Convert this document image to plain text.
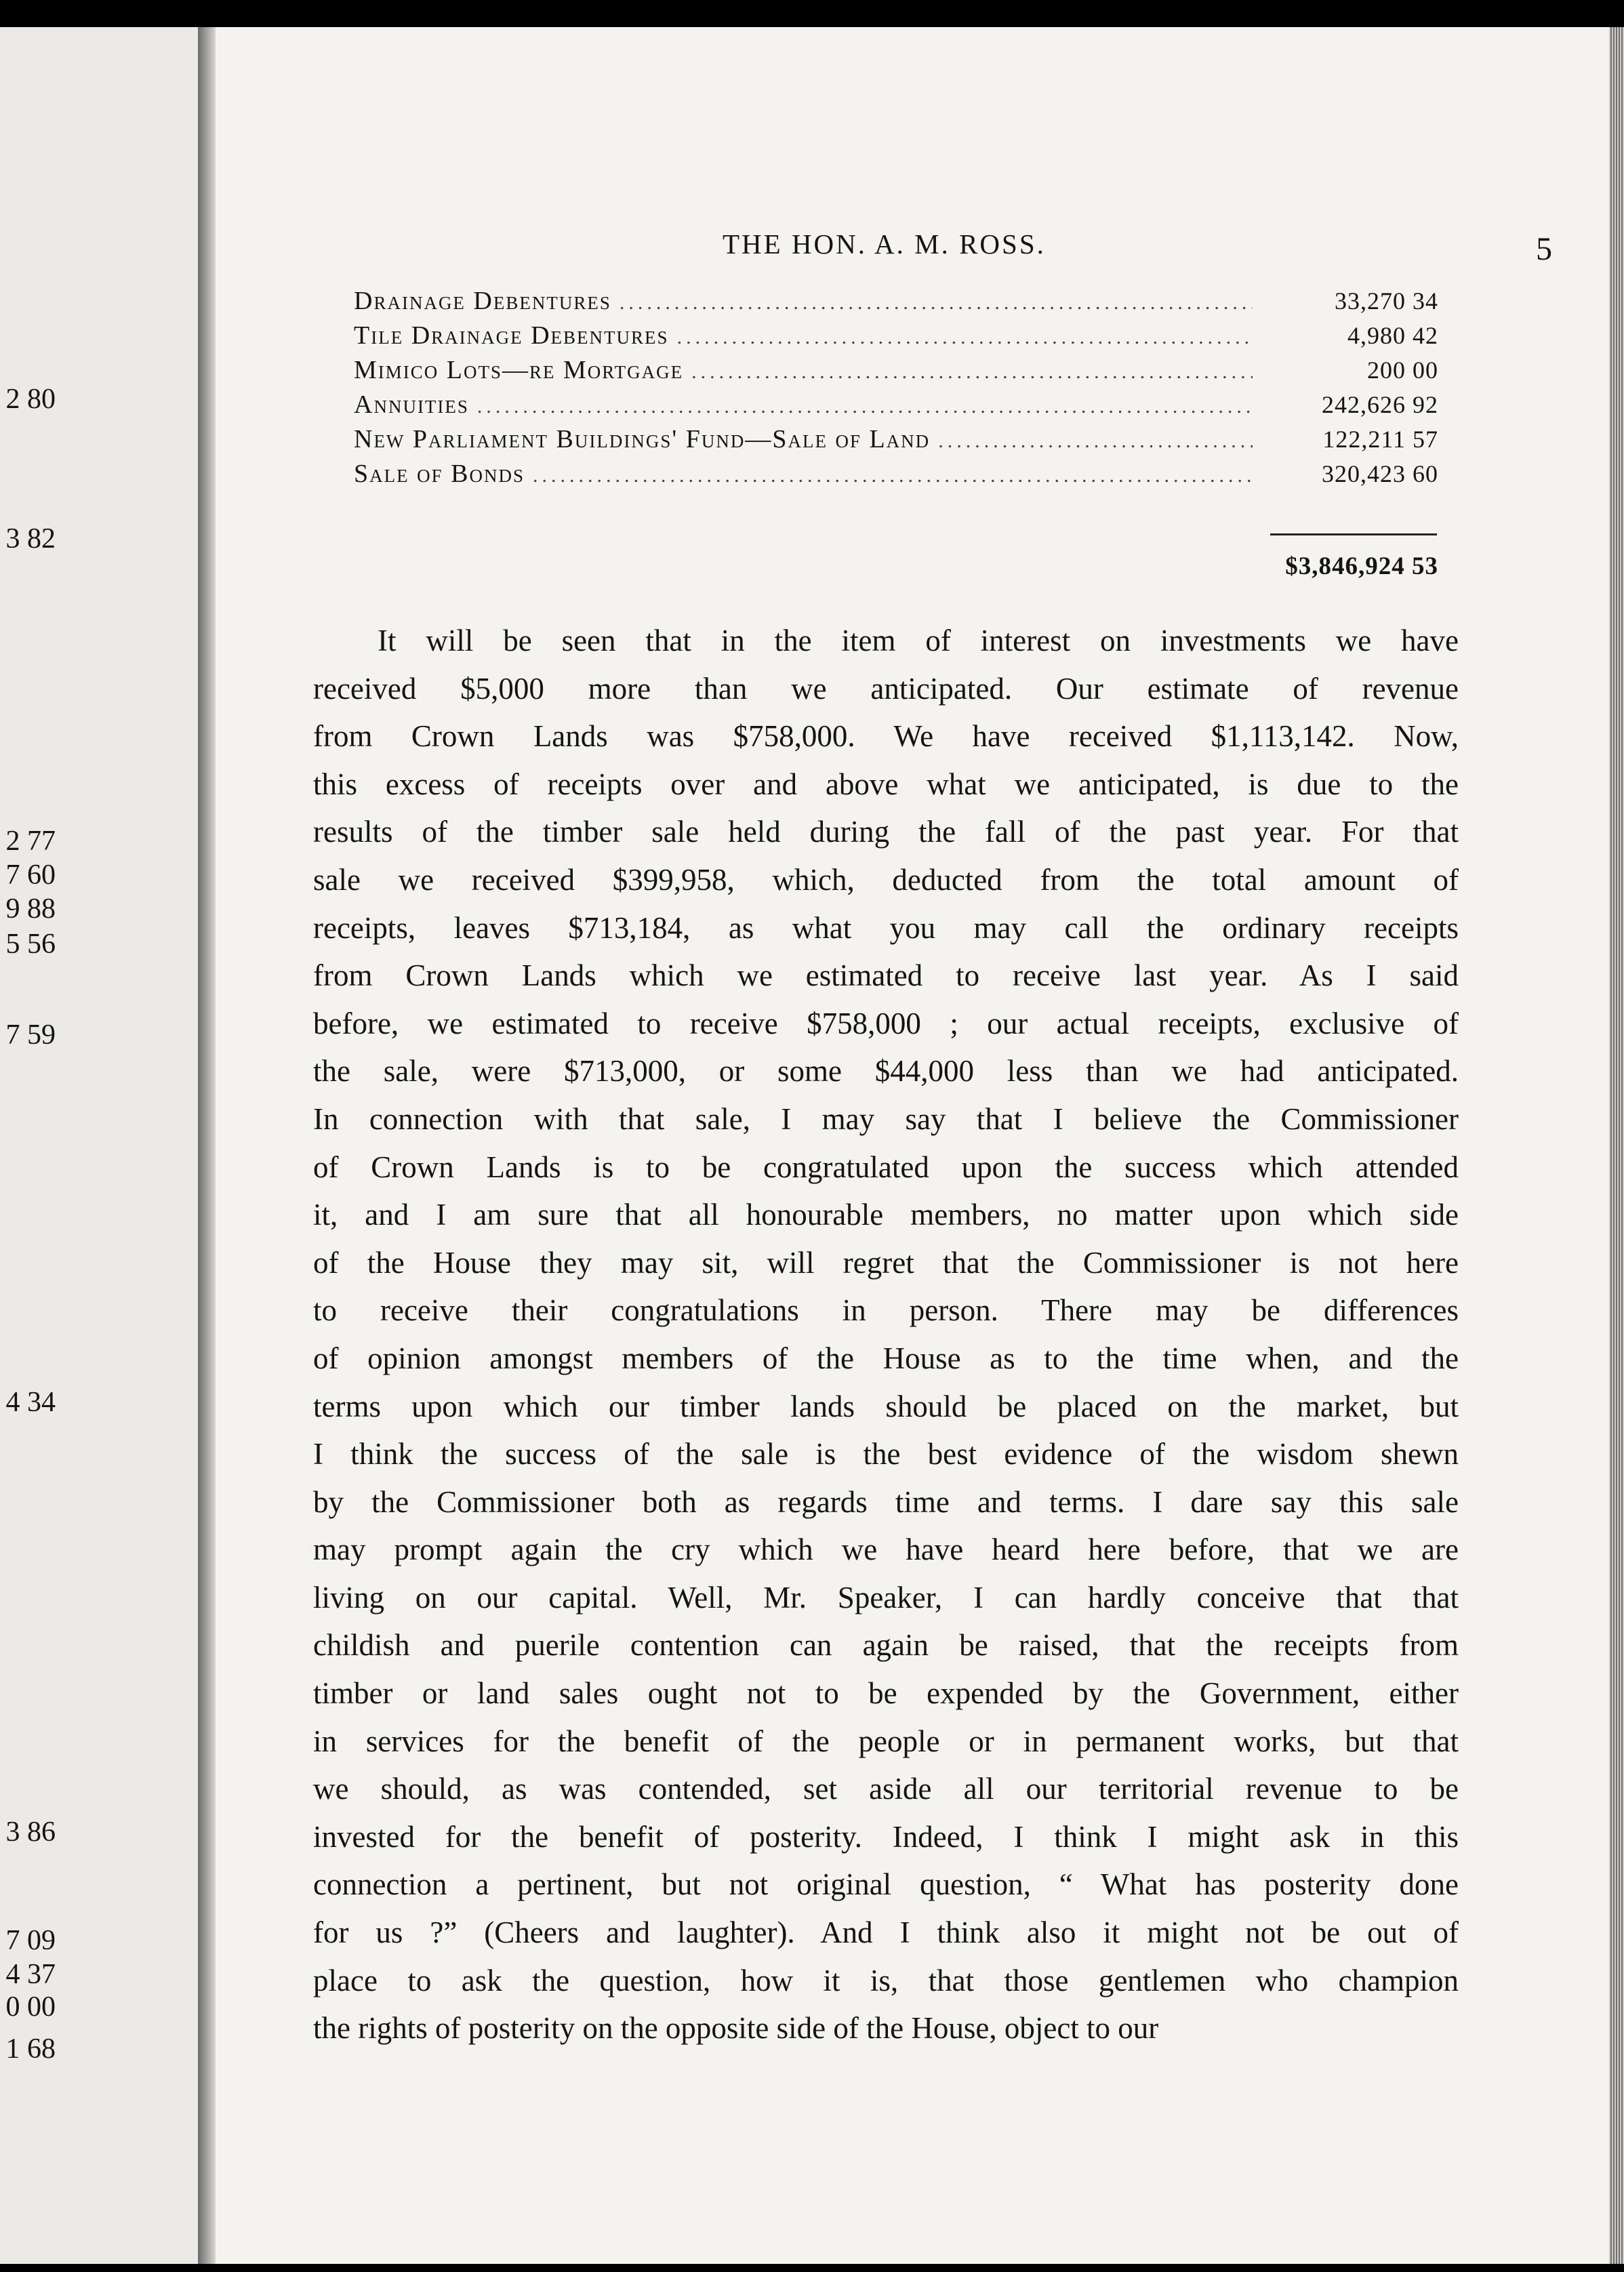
2 80
3 82
2 77
7 60
9 88
5 56
7 59
4 34
3 86
7 09
4 37
0 00
1 68
THE HON. A. M. ROSS.	5
Drainage Debentures .....	33,270 34
Tile Drainage Debentures .....	4,980 42
Mimico Lots—re Mortgage .....	200 00
Annuities .....	242,626 92
New Parliament Buildings' Fund—Sale of Land .....	122,211 57
Sale of Bonds .....	320,423 60
$3,846,924 53
It will be seen that in the item of interest on investments we have
received $5,000 more than we anticipated. Our estimate of revenue
from Crown Lands was $758,000. We have received $1,113,142. Now,
this excess of receipts over and above what we anticipated, is due to the
results of the timber sale held during the fall of the past year. For that
sale we received $399,958, which, deducted from the total amount of
receipts, leaves $713,184, as what you may call the ordinary receipts
from Crown Lands which we estimated to receive last year. As I said
before, we estimated to receive $758,000 ; our actual receipts, exclusive of
the sale, were $713,000, or some $44,000 less than we had anticipated.
In connection with that sale, I may say that I believe the Commissioner
of Crown Lands is to be congratulated upon the success which attended
it, and I am sure that all honourable members, no matter upon which side
of the House they may sit, will regret that the Commissioner is not here
to receive their congratulations in person. There may be differences
of opinion amongst members of the House as to the time when, and the
terms upon which our timber lands should be placed on the market, but
I think the success of the sale is the best evidence of the wisdom shewn
by the Commissioner both as regards time and terms. I dare say this sale
may prompt again the cry which we have heard here before, that we are
living on our capital. Well, Mr. Speaker, I can hardly conceive that that
childish and puerile contention can again be raised, that the receipts from
timber or land sales ought not to be expended by the Government, either
in services for the benefit of the people or in permanent works, but that
we should, as was contended, set aside all our territorial revenue to be
invested for the benefit of posterity. Indeed, I think I might ask in this
connection a pertinent, but not original question, “ What has posterity done
for us ?” (Cheers and laughter). And I think also it might not be out of
place to ask the question, how it is, that those gentlemen who champion
the rights of posterity on the opposite side of the House, object to our
